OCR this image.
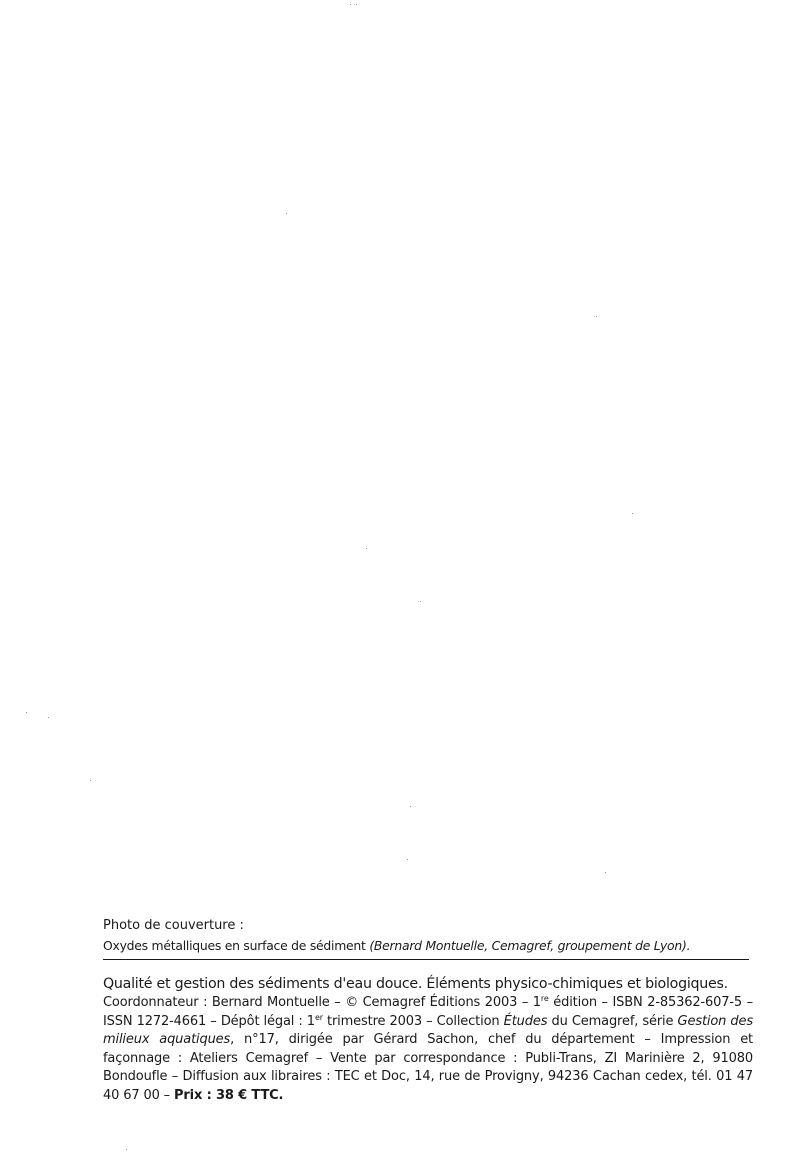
Photo de couverture :

Oxydes métalliques en surface de sédiment (Bernard Montuelle, Cemagref, groupement de Lyon).

Qualité et gestion des sédiments d'eau douce. Éléments physico-chimiques et biologiques.

Coordonnateur : Bernard Montuelle – © Cemagref Éditions 2003 – 1re édition – ISBN 2-85362-607-5 – ISSN 1272-4661 – Dépôt légal : 1er trimestre 2003 – Collection Études du Cemagref, série Gestion des milieux aquatiques, n°17, dirigée par Gérard Sachon, chef du département – Impression et façonnage : Ateliers Cemagref – Vente par correspondance : Publi-Trans, ZI Marinière 2, 91080 Bondoufle – Diffusion aux libraires : TEC et Doc, 14, rue de Provigny, 94236 Cachan cedex, tél. 01 47 40 67 00 – Prix : 38 € TTC.
